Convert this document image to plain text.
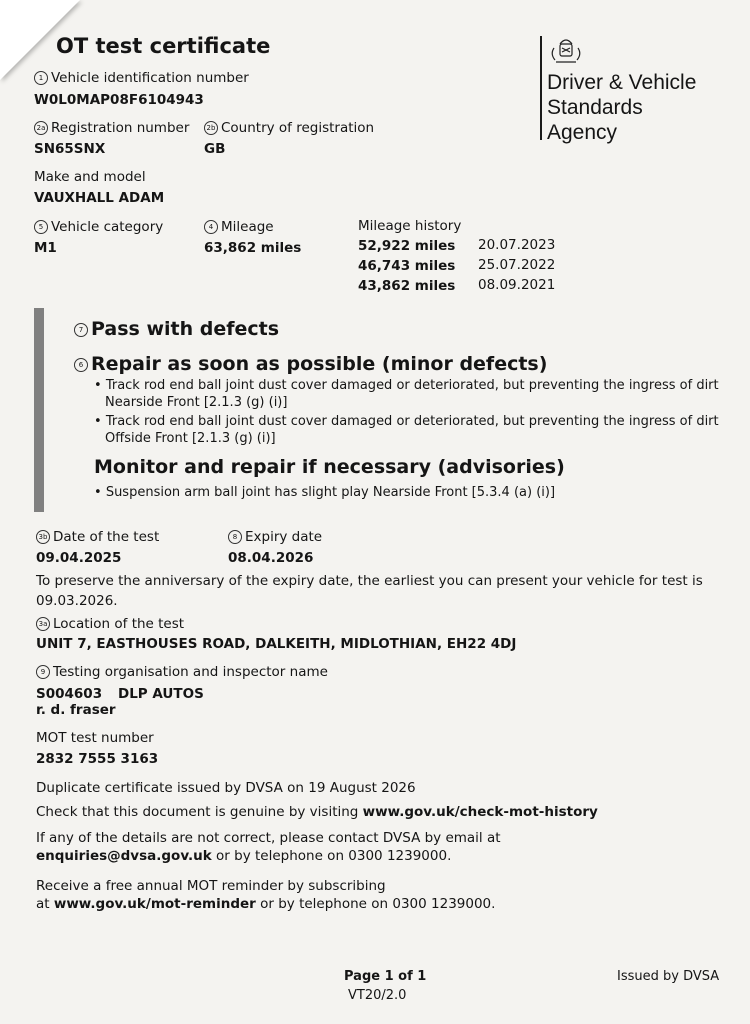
OT test certificate
Driver & Vehicle
Standards
Agency
1 Vehicle identification number
W0L0MAP08F6104943
2a Registration number
SN65SNX
2b Country of registration
GB
Make and model
VAUXHALL ADAM
5 Vehicle category
M1
4 Mileage
63,862 miles
Mileage history
52,922 miles 20.07.2023
46,743 miles 25.07.2022
43,862 miles 08.09.2021
7 Pass with defects
6 Repair as soon as possible (minor defects)
• Track rod end ball joint dust cover damaged or deteriorated, but preventing the ingress of dirt
Nearside Front [2.1.3 (g) (i)]
• Track rod end ball joint dust cover damaged or deteriorated, but preventing the ingress of dirt
Offside Front [2.1.3 (g) (i)]
Monitor and repair if necessary (advisories)
• Suspension arm ball joint has slight play Nearside Front [5.3.4 (a) (i)]
3b Date of the test
09.04.2025
8 Expiry date
08.04.2026
To preserve the anniversary of the expiry date, the earliest you can present your vehicle for test is
09.03.2026.
3a Location of the test
UNIT 7, EASTHOUSES ROAD, DALKEITH, MIDLOTHIAN, EH22 4DJ
9 Testing organisation and inspector name
S004603 DLP AUTOS
r. d. fraser
MOT test number
2832 7555 3163
Duplicate certificate issued by DVSA on 19 August 2026
Check that this document is genuine by visiting www.gov.uk/check-mot-history
If any of the details are not correct, please contact DVSA by email at
enquiries@dvsa.gov.uk or by telephone on 0300 1239000.
Receive a free annual MOT reminder by subscribing
at www.gov.uk/mot-reminder or by telephone on 0300 1239000.
Page 1 of 1
VT20/2.0
Issued by DVSA
